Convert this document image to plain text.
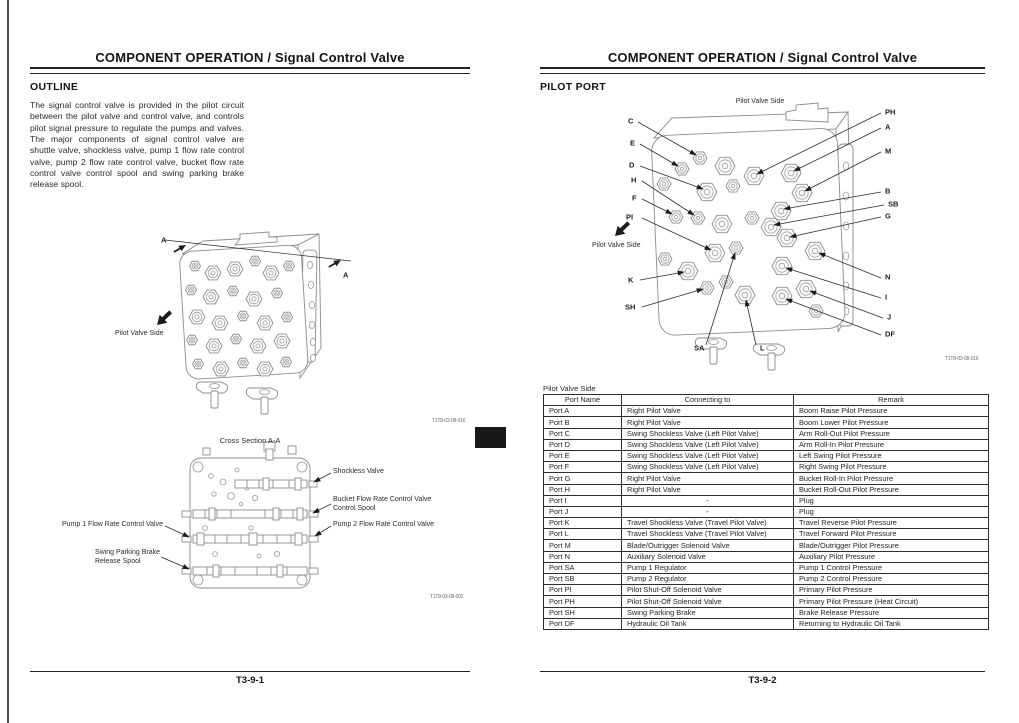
COMPONENT OPERATION / Signal Control Valve
OUTLINE
The signal control valve is provided in the pilot circuit between the pilot valve and control valve, and controls pilot signal pressure to regulate the pumps and valves. The major components of signal control valve are shuttle valve, shockless valve, pump 1 flow rate control valve, pump 2 flow rate control valve, bucket flow rate control valve control spool and swing parking brake release spool.
A
A
Pilot Valve Side
T1T8-03-08-016
Cross Section A-A
Shockless Valve
Bucket Flow Rate Control Valve
Control Spool
Pump 2 Flow Rate Control Valve
Pump 1 Flow Rate Control Valve
Swing Parking Brake
Release Spool
T1T8-03-08-002
T3-9-1
COMPONENT OPERATION / Signal Control Valve
PILOT PORT
Pilot Valve Side
Pilot Valve Side
C
E
D
H
F
PI
K
SH
SA	L
PH
A
M
B
SB
G
N
I
J
DF
T1T8-03-08-016
Pilot Valve Side
Port Name	Connecting to	Remark
Port A	Right Pilot Valve	Boom Raise Pilot Pressure
Port B	Right Pilot Valve	Boom Lower Pilot Pressure
Port C	Swing Shockless Valve (Left Pilot Valve)	Arm Roll-Out Pilot Pressure
Port D	Swing Shockless Valve (Left Pilot Valve)	Arm Roll-In Pilot Pressure
Port E	Swing Shockless Valve (Left Pilot Valve)	Left Swing Pilot Pressure
Port F	Swing Shockless Valve (Left Pilot Valve)	Right Swing Pilot Pressure
Port G	Right Pilot Valve	Bucket Roll-In Pilot Pressure
Port H	Right Pilot Valve	Bucket Roll-Out Pilot Pressure
Port I	-	Plug
Port J	-	Plug
Port K	Travel Shockless Valve (Travel Pilot Valve)	Travel Reverse Pilot Pressure
Port L	Travel Shockless Valve (Travel Pilot Valve)	Travel Forward Pilot Pressure
Port M	Blade/Outrigger Solenoid Valve	Blade/Outrigger Pilot Pressure
Port N	Auxiliary Solenoid Valve	Auxiliary Pilot Pressure
Port SA	Pump 1 Regulator	Pump 1 Control Pressure
Port SB	Pump 2 Regulator	Pump 2 Control Pressure
Port PI	Pilot Shut-Off Solenoid Valve	Primary Pilot Pressure
Port PH	Pilot Shut-Off Solenoid Valve	Primary Pilot Pressure (Heat Circuit)
Port SH	Swing Parking Brake	Brake Release Pressure
Port DF	Hydraulic Oil Tank	Returning to Hydraulic Oil Tank
T3-9-2
